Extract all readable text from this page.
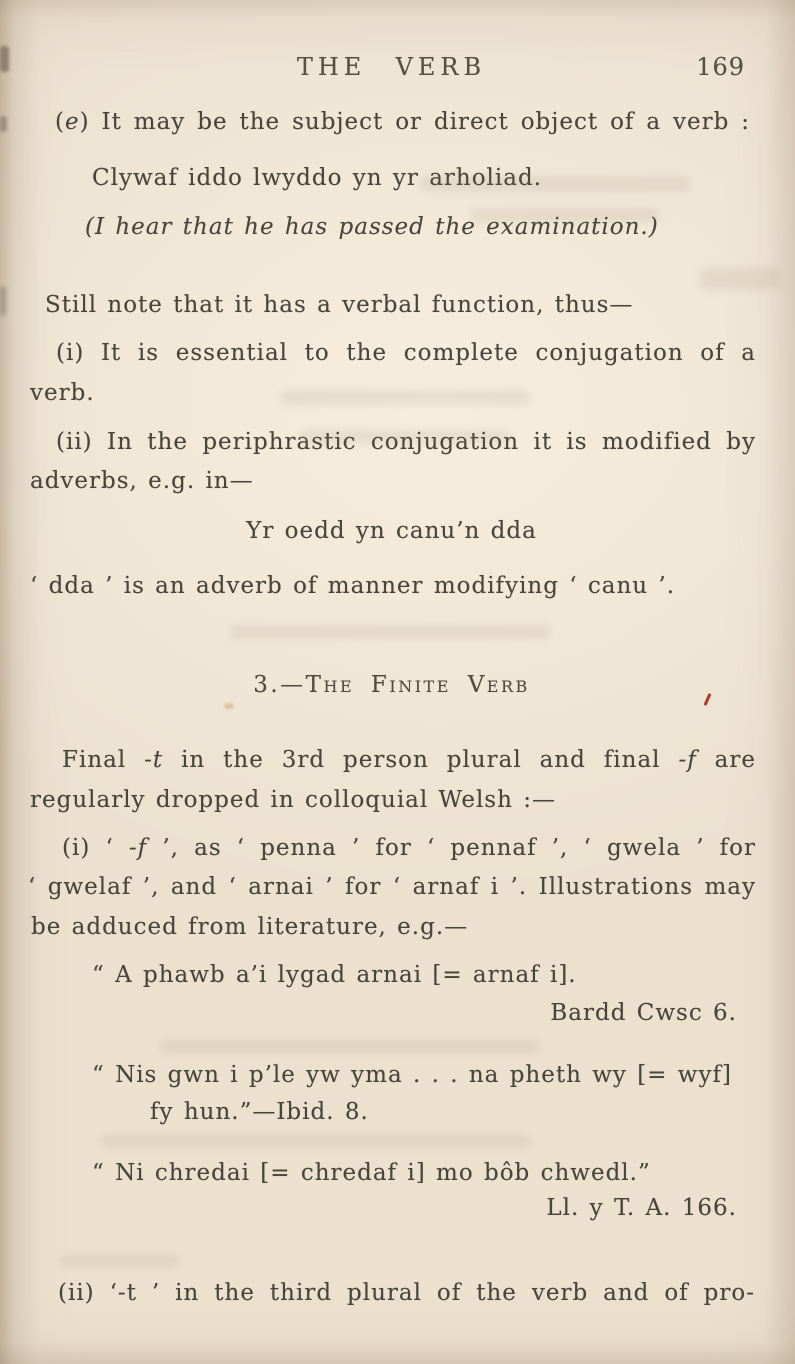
THE  VERB	169
(e) It may be the subject or direct object of a verb :
Clywaf iddo lwyddo yn yr arholiad.
(I hear that he has passed the examination.)
Still note that it has a verbal function, thus—
(i) It is essential to the complete conjugation of a
verb.
(ii) In the periphrastic conjugation it is modified by
adverbs, e.g. in—
Yr oedd yn canu’n dda
‘ dda ’ is an adverb of manner modifying ‘ canu ’.
3.—The Finite Verb
Final -t in the 3rd person plural and final -f are
regularly dropped in colloquial Welsh :—
(i) ‘ -f ’, as ‘ penna ’ for ‘ pennaf ’, ‘ gwela ’ for
‘ gwelaf ’, and ‘ arnai ’ for ‘ arnaf i ’. Illustrations may
be adduced from literature, e.g.—
“ A phawb a’i lygad arnai [= arnaf i].
Bardd Cwsc 6.
“ Nis gwn i p’le yw yma . . . na pheth wy [= wyf]
fy hun.”—Ibid. 8.
“ Ni chredai [= chredaf i] mo bôb chwedl.”
Ll. y T. A. 166.
(ii) ‘-t ’ in the third plural of the verb and of pro-
